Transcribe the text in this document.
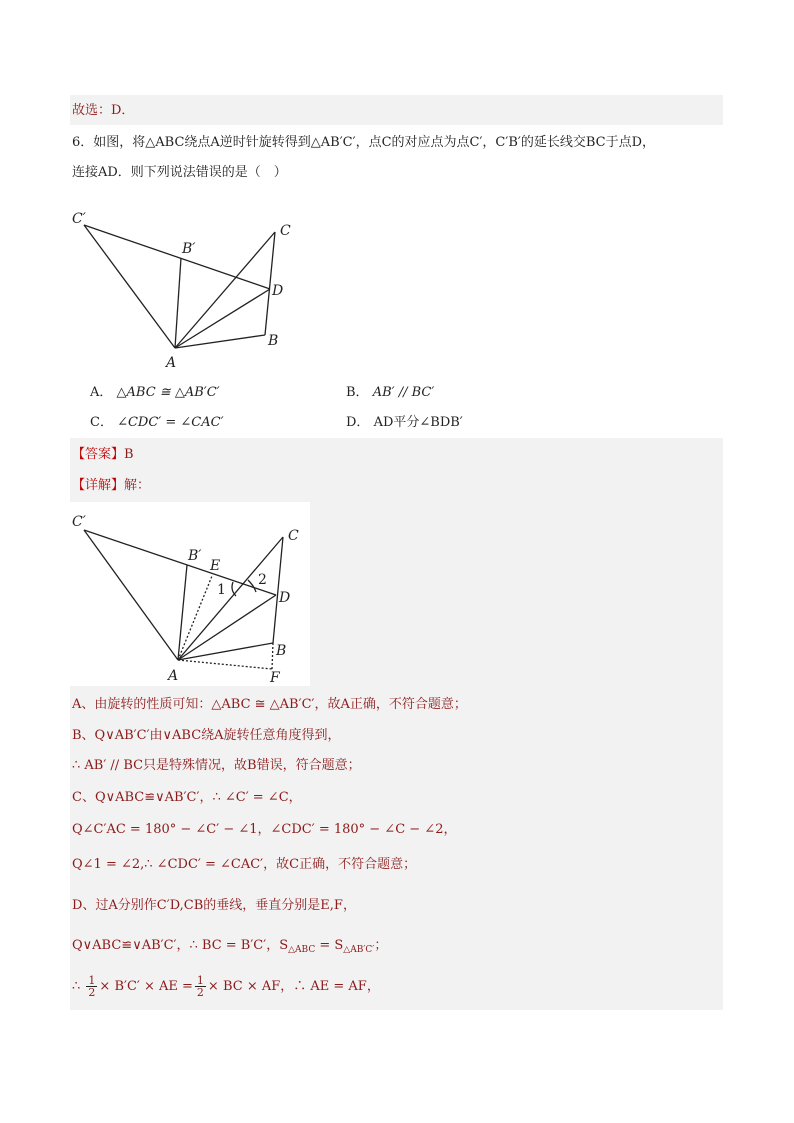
故选：D．
6．如图，将△ABC绕点A逆时针旋转得到△AB′C′，点C的对应点为点C′，C′B′的延长线交BC于点D，
连接AD．则下列说法错误的是（　）
C′
B′
C
D
B
A
A． △ABC ≅ △AB′C′	B． AB′ // BC′
C． ∠CDC′ = ∠CAC′	D． AD平分∠BDB′
【答案】B
【详解】解：
C′
B′
E
C
2
1	D
B
A	F
A、由旋转的性质可知：△ABC ≅ △AB′C′，故A正确，不符合题意；
B、Q∨AB′C′由∨ABC绕A旋转任意角度得到，
∴ AB′ // BC只是特殊情况，故B错误，符合题意；
C、Q∨ABC≌∨AB′C′，∴ ∠C′ = ∠C，
Q∠C′AC = 180° − ∠C′ − ∠1，∠CDC′ = 180° − ∠C − ∠2，
Q∠1 = ∠2,∴ ∠CDC′ = ∠CAC′，故C正确，不符合题意；
D、过A分别作C′D,CB的垂线，垂直分别是E,F，
Q∨ABC≌∨AB′C′，∴ BC = B′C′，$S_{\triangle ABC} = S_{\triangle AB'C'}$；
∴ $\frac{1}{2} \times B'C'$ × AE = $\frac{1}{2}$ × BC × AF，∴ AE = AF，
